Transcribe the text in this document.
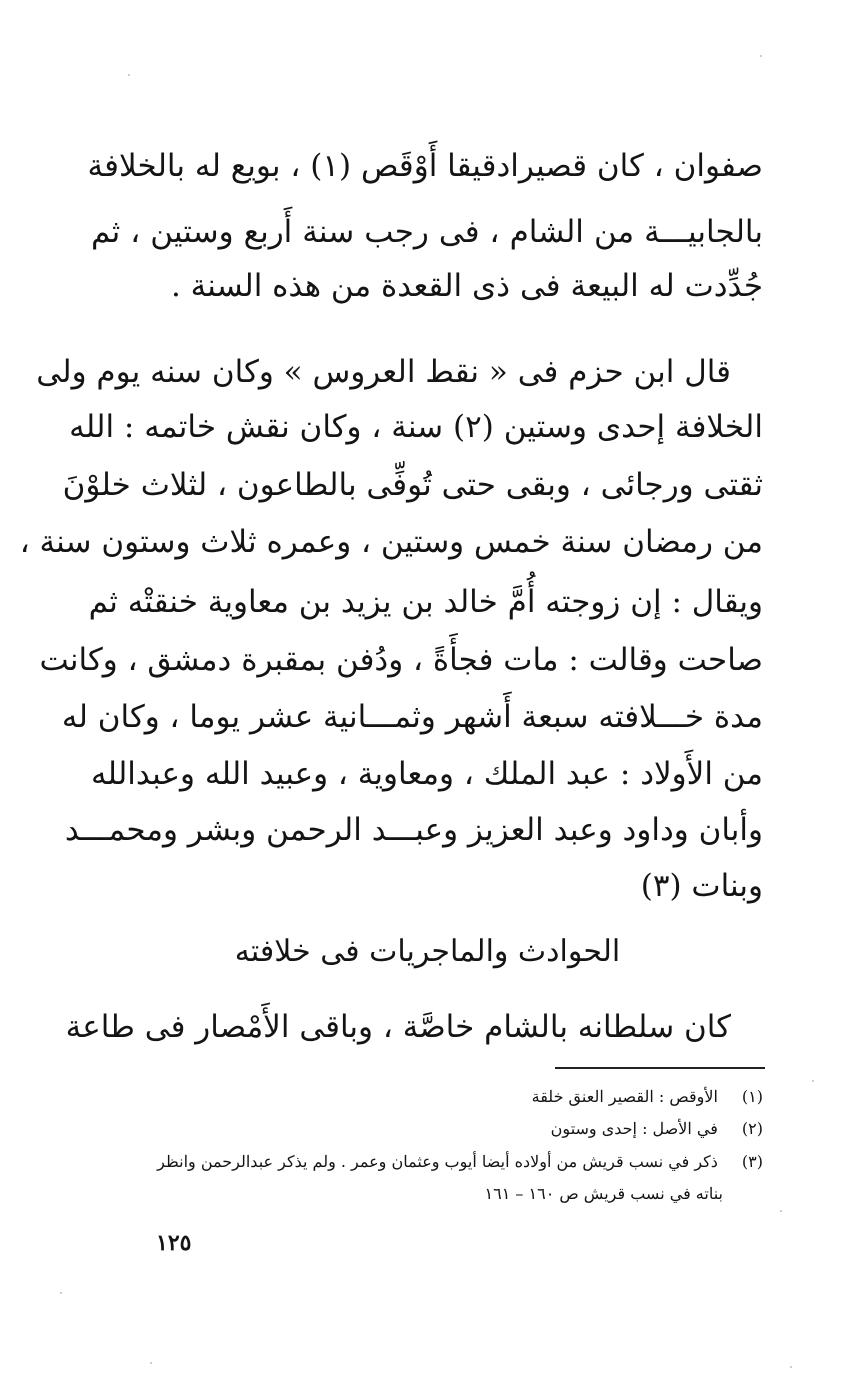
صفوان ، كان قصيرادقيقا أَوْقَص (١) ، بويع له بالخلافة
بالجابيـــة من الشام ، فى رجب سنة أَربع وستين ، ثم
جُدِّدت له البيعة فى ذى القعدة من هذه السنة .
قال ابن حزم فى « نقط العروس » وكان سنه يوم ولى
الخلافة إحدى وستين (٢) سنة ، وكان نقش خاتمه : الله
ثقتى ورجائى ، وبقى حتى تُوفِّى بالطاعون ، لثلاث خلوْنَ
من رمضان سنة خمس وستين ، وعمره ثلاث وستون سنة ،
ويقال : إن زوجته أُمَّ خالد بن يزيد بن معاوية خنقتْه ثم
صاحت وقالت : مات فجأَةً ، ودُفن بمقبرة دمشق ، وكانت
مدة خـــلافته سبعة أَشهر وثمـــانية عشر يوما ، وكان له
من الأَولاد : عبد الملك ، ومعاوية ، وعبيد الله وعبدالله
وأبان وداود وعبد العزيز وعبـــد الرحمن وبشر ومحمـــد
وبنات (٣)
الحوادث والماجريات فى خلافته
كان سلطانه بالشام خاصَّة ، وباقى الأَمْصار فى طاعة
(١) الأوقص : القصير العنق خلقة
(٢) في الأصل : إحدى وستون
(٣) ذكر في نسب قريش من أولاده أيضا أيوب وعثمان وعمر . ولم يذكر عبدالرحمن وانظر
بناته في نسب قريش ص ١٦٠ – ١٦١
١٢٥
